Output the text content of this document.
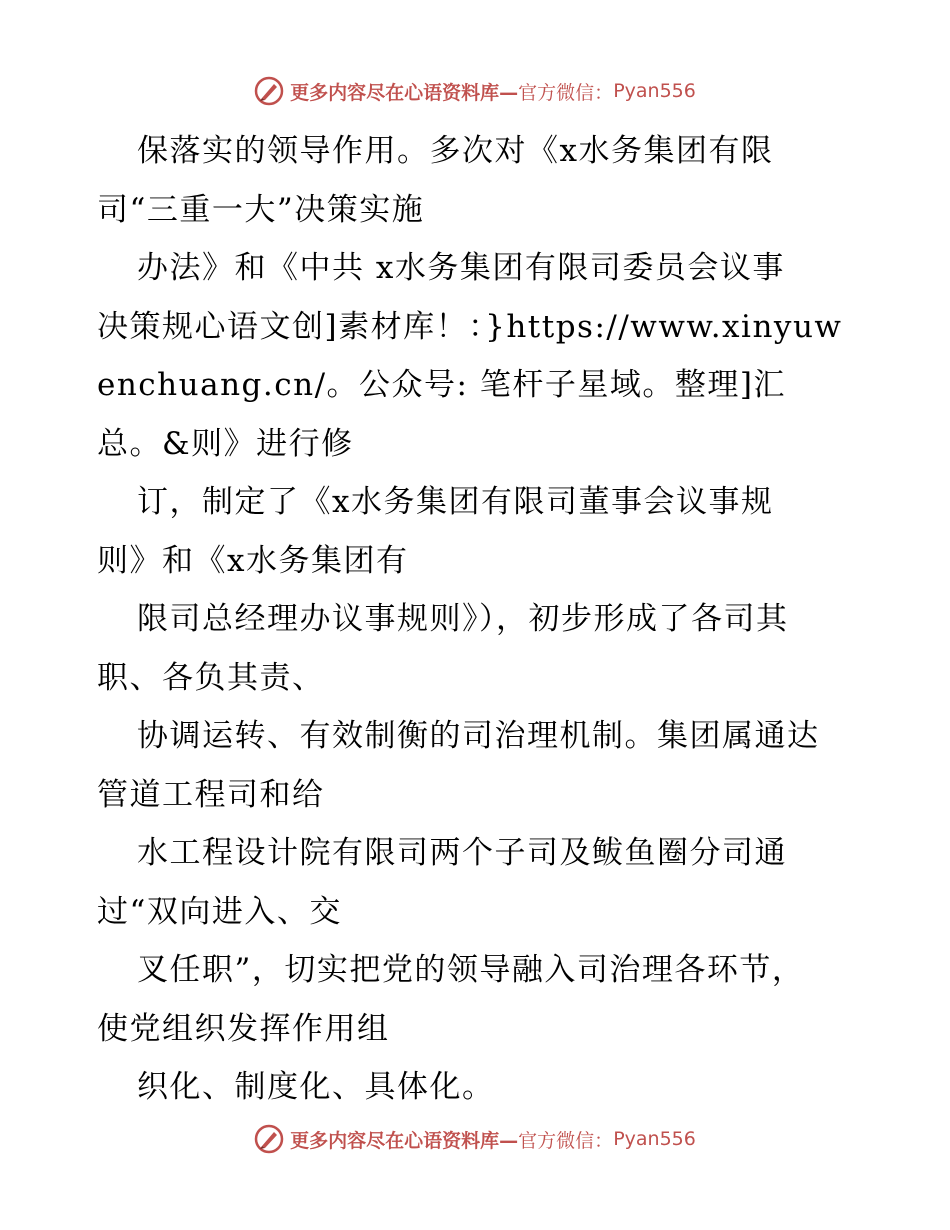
更多内容尽在心语资料库— 官方微信： Pyan556
保落实的领导作用。多次对《x水务集团有限
司“三重一大”决策实施
办法》和《中共 x水务集团有限司委员会议事
决策规心语文创]素材库！：}https://www.xinyuw
enchuang.cn/。公众号: 笔杆子星域。整理]汇
总。&则》进行修
订，制定了《x水务集团有限司董事会议事规
则》和《x水务集团有
限司总经理办议事规则》），初步形成了各司其
职、各负其责、
协调运转、有效制衡的司治理机制。集团属通达
管道工程司和给
水工程设计院有限司两个子司及鲅鱼圈分司通
过“双向进入、交
叉任职”，切实把党的领导融入司治理各环节，
使党组织发挥作用组
织化、制度化、具体化。
更多内容尽在心语资料库— 官方微信： Pyan556
